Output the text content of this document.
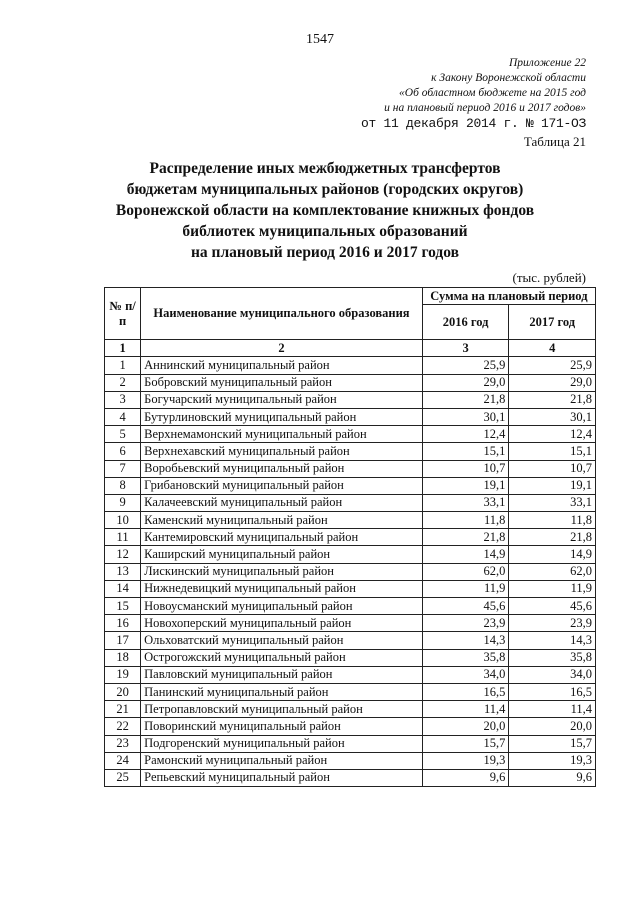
1547
Приложение 22
к Закону Воронежской области
«Об областном бюджете на 2015 год
и на плановый период 2016 и 2017 годов»
от 11 декабря 2014 г. № 171-ОЗ
Таблица 21
Распределение иных межбюджетных трансфертов
бюджетам муниципальных районов (городских округов)
Воронежской области на комплектование книжных фондов
библиотек муниципальных образований
на плановый период 2016 и 2017 годов
(тыс. рублей)
№ п/п	Наименование муниципального образования	Сумма на плановый период	
		2016 год	2017 год
1	2	3	4
1	Аннинский муниципальный район	25,9	25,9
2	Бобровский муниципальный район	29,0	29,0
3	Богучарский муниципальный район	21,8	21,8
4	Бутурлиновский муниципальный район	30,1	30,1
5	Верхнемамонский муниципальный район	12,4	12,4
6	Верхнехавский муниципальный район	15,1	15,1
7	Воробьевский муниципальный район	10,7	10,7
8	Грибановский муниципальный район	19,1	19,1
9	Калачеевский муниципальный район	33,1	33,1
10	Каменский муниципальный район	11,8	11,8
11	Кантемировский муниципальный район	21,8	21,8
12	Каширский муниципальный район	14,9	14,9
13	Лискинский муниципальный район	62,0	62,0
14	Нижнедевицкий муниципальный район	11,9	11,9
15	Новоусманский муниципальный район	45,6	45,6
16	Новохоперский муниципальный район	23,9	23,9
17	Ольховатский муниципальный район	14,3	14,3
18	Острогожский муниципальный район	35,8	35,8
19	Павловский муниципальный район	34,0	34,0
20	Панинский муниципальный район	16,5	16,5
21	Петропавловский муниципальный район	11,4	11,4
22	Поворинский муниципальный район	20,0	20,0
23	Подгоренский муниципальный район	15,7	15,7
24	Рамонский муниципальный район	19,3	19,3
25	Репьевский муниципальный район	9,6	9,6
